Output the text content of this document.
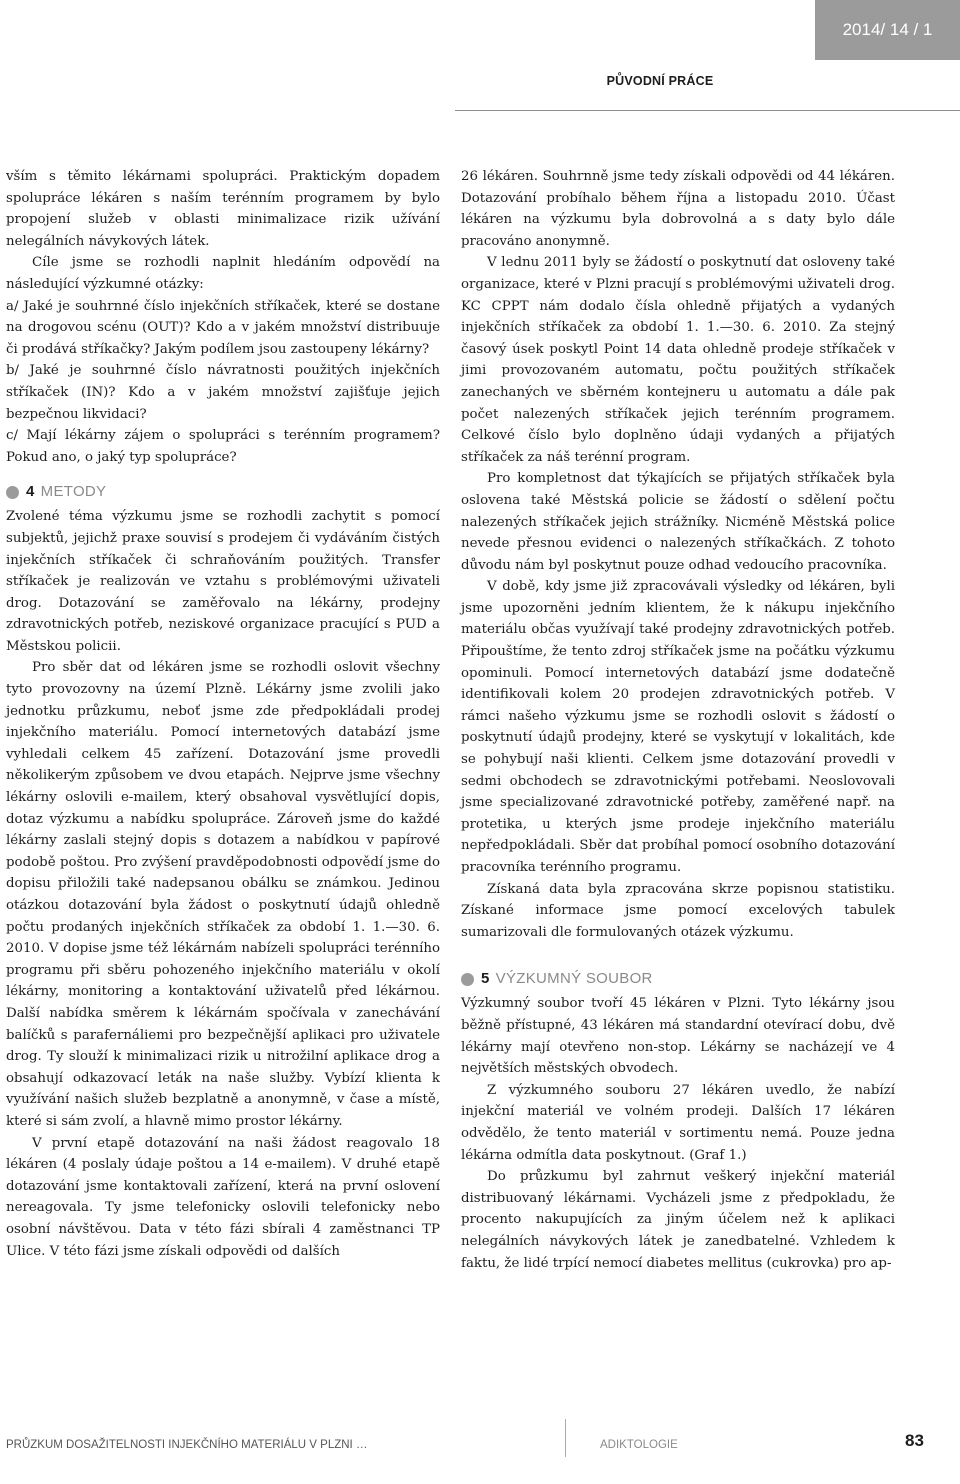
2014/ 14 / 1
PŮVODNÍ PRÁCE

vším s těmito lékárnami spolupráci. Praktickým dopadem spolupráce lékáren s naším terénním programem by bylo propojení služeb v oblasti minimalizace rizik užívání nelegálních návykových látek.

Cíle jsme se rozhodli naplnit hledáním odpovědí na následující výzkumné otázky:

a/ Jaké je souhrnné číslo injekčních stříkaček, které se dostane na drogovou scénu (OUT)? Kdo a v jakém množství distribuuje či prodává stříkačky? Jakým podílem jsou zastoupeny lékárny?

b/ Jaké je souhrnné číslo návratnosti použitých injekčních stříkaček (IN)? Kdo a v jakém množství zajišťuje jejich bezpečnou likvidaci?

c/ Mají lékárny zájem o spolupráci s terénním programem? Pokud ano, o jaký typ spolupráce?

4 METODY

Zvolené téma výzkumu jsme se rozhodli zachytit s pomocí subjektů, jejichž praxe souvisí s prodejem či vydáváním čistých injekčních stříkaček či schraňováním použitých. Transfer stříkaček je realizován ve vztahu s problémovými uživateli drog. Dotazování se zaměřovalo na lékárny, prodejny zdravotnických potřeb, neziskové organizace pracující s PUD a Městskou policii.

Pro sběr dat od lékáren jsme se rozhodli oslovit všechny tyto provozovny na území Plzně. Lékárny jsme zvolili jako jednotku průzkumu, neboť jsme zde předpokládali prodej injekčního materiálu. Pomocí internetových databází jsme vyhledali celkem 45 zařízení. Dotazování jsme provedli několikerým způsobem ve dvou etapách. Nejprve jsme všechny lékárny oslovili e-mailem, který obsahoval vysvětlující dopis, dotaz výzkumu a nabídku spolupráce. Zároveň jsme do každé lékárny zaslali stejný dopis s dotazem a nabídkou v papírové podobě poštou. Pro zvýšení pravděpodobnosti odpovědí jsme do dopisu přiložili také nadepsanou obálku se známkou. Jedinou otázkou dotazování byla žádost o poskytnutí údajů ohledně počtu prodaných injekčních stříkaček za období 1. 1.—30. 6. 2010. V dopise jsme též lékárnám nabízeli spolupráci terénního programu při sběru pohozeného injekčního materiálu v okolí lékárny, monitoring a kontaktování uživatelů před lékárnou. Další nabídka směrem k lékárnám spočívala v zanechávání balíčků s parafernáliemi pro bezpečnější aplikaci pro uživatele drog. Ty slouží k minimalizaci rizik u nitrožilní aplikace drog a obsahují odkazovací leták na naše služby. Vybízí klienta k využívání našich služeb bezplatně a anonymně, v čase a místě, které si sám zvolí, a hlavně mimo prostor lékárny.

V první etapě dotazování na naši žádost reagovalo 18 lékáren (4 poslaly údaje poštou a 14 e-mailem). V druhé etapě dotazování jsme kontaktovali zařízení, která na první oslovení nereagovala. Ty jsme telefonicky oslovili telefonicky nebo osobní návštěvou. Data v této fázi sbírali 4 zaměstnanci TP Ulice. V této fázi jsme získali odpovědi od dalších

26 lékáren. Souhrnně jsme tedy získali odpovědi od 44 lékáren. Dotazování probíhalo během října a listopadu 2010. Účast lékáren na výzkumu byla dobrovolná a s daty bylo dále pracováno anonymně.

V lednu 2011 byly se žádostí o poskytnutí dat osloveny také organizace, které v Plzni pracují s problémovými uživateli drog. KC CPPT nám dodalo čísla ohledně přijatých a vydaných injekčních stříkaček za období 1. 1.—30. 6. 2010. Za stejný časový úsek poskytl Point 14 data ohledně prodeje stříkaček v jimi provozovaném automatu, počtu použitých stříkaček zanechaných ve sběrném kontejneru u automatu a dále pak počet nalezených stříkaček jejich terénním programem. Celkové číslo bylo doplněno údaji vydaných a přijatých stříkaček za náš terénní program.

Pro kompletnost dat týkajících se přijatých stříkaček byla oslovena také Městská policie se žádostí o sdělení počtu nalezených stříkaček jejich strážníky. Nicméně Městská police nevede přesnou evidenci o nalezených stříkačkách. Z tohoto důvodu nám byl poskytnut pouze odhad vedoucího pracovníka.

V době, kdy jsme již zpracovávali výsledky od lékáren, byli jsme upozorněni jedním klientem, že k nákupu injekčního materiálu občas využívají také prodejny zdravotnických potřeb. Připouštíme, že tento zdroj stříkaček jsme na počátku výzkumu opominuli. Pomocí internetových databází jsme dodatečně identifikovali kolem 20 prodejen zdravotnických potřeb. V rámci našeho výzkumu jsme se rozhodli oslovit s žádostí o poskytnutí údajů prodejny, které se vyskytují v lokalitách, kde se pohybují naši klienti. Celkem jsme dotazování provedli v sedmi obchodech se zdravotnickými potřebami. Neoslovovali jsme specializované zdravotnické potřeby, zaměřené např. na protetika, u kterých jsme prodeje injekčního materiálu nepředpokládali. Sběr dat probíhal pomocí osobního dotazování pracovníka terénního programu.

Získaná data byla zpracována skrze popisnou statistiku. Získané informace jsme pomocí excelových tabulek sumarizovali dle formulovaných otázek výzkumu.

5 VÝZKUMNÝ SOUBOR

Výzkumný soubor tvoří 45 lékáren v Plzni. Tyto lékárny jsou běžně přístupné, 43 lékáren má standardní otevírací dobu, dvě lékárny mají otevřeno non-stop. Lékárny se nacházejí ve 4 největších městských obvodech.

Z výzkumného souboru 27 lékáren uvedlo, že nabízí injekční materiál ve volném prodeji. Dalších 17 lékáren odvědělo, že tento materiál v sortimentu nemá. Pouze jedna lékárna odmítla data poskytnout. (Graf 1.)

Do průzkumu byl zahrnut veškerý injekční materiál distribuovaný lékárnami. Vycházeli jsme z předpokladu, že procento nakupujících za jiným účelem než k aplikaci nelegálních návykových látek je zanedbatelné. Vzhledem k faktu, že lidé trpící nemocí diabetes mellitus (cukrovka) pro ap-

PRŮZKUM DOSAŽITELNOSTI INJEKČNÍHO MATERIÁLU V PLZNI …	ADIKTOLOGIE	83
